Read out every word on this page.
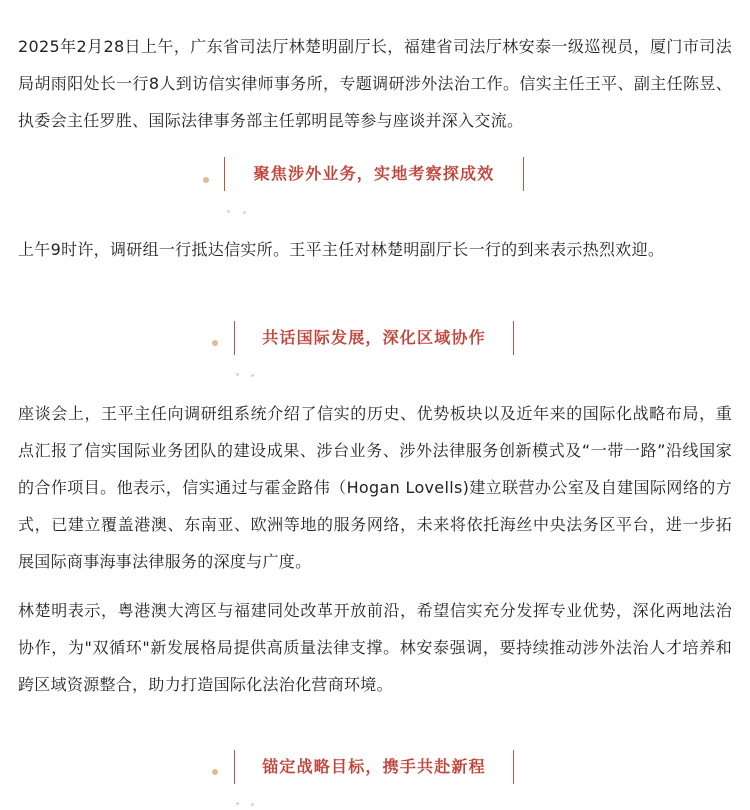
2025年2月28日上午，广东省司法厅林楚明副厅长，福建省司法厅林安泰一级巡视员，厦门市司法局胡雨阳处长一行8人到访信实律师事务所，专题调研涉外法治工作。信实主任王平、副主任陈昱、执委会主任罗胜、国际法律事务部主任郭明昆等参与座谈并深入交流。

聚焦涉外业务，实地考察探成效

上午9时许，调研组一行抵达信实所。王平主任对林楚明副厅长一行的到来表示热烈欢迎。

共话国际发展，深化区域协作

座谈会上，王平主任向调研组系统介绍了信实的历史、优势板块以及近年来的国际化战略布局，重点汇报了信实国际业务团队的建设成果、涉台业务、涉外法律服务创新模式及“一带一路”沿线国家的合作项目。他表示，信实通过与霍金路伟（Hogan Lovells)建立联营办公室及自建国际网络的方式，已建立覆盖港澳、东南亚、欧洲等地的服务网络，未来将依托海丝中央法务区平台，进一步拓展国际商事海事法律服务的深度与广度。

林楚明表示，粤港澳大湾区与福建同处改革开放前沿，希望信实充分发挥专业优势，深化两地法治协作，为"双循环"新发展格局提供高质量法律支撑。林安泰强调，要持续推动涉外法治人才培养和跨区域资源整合，助力打造国际化法治化营商环境。

锚定战略目标，携手共赴新程
